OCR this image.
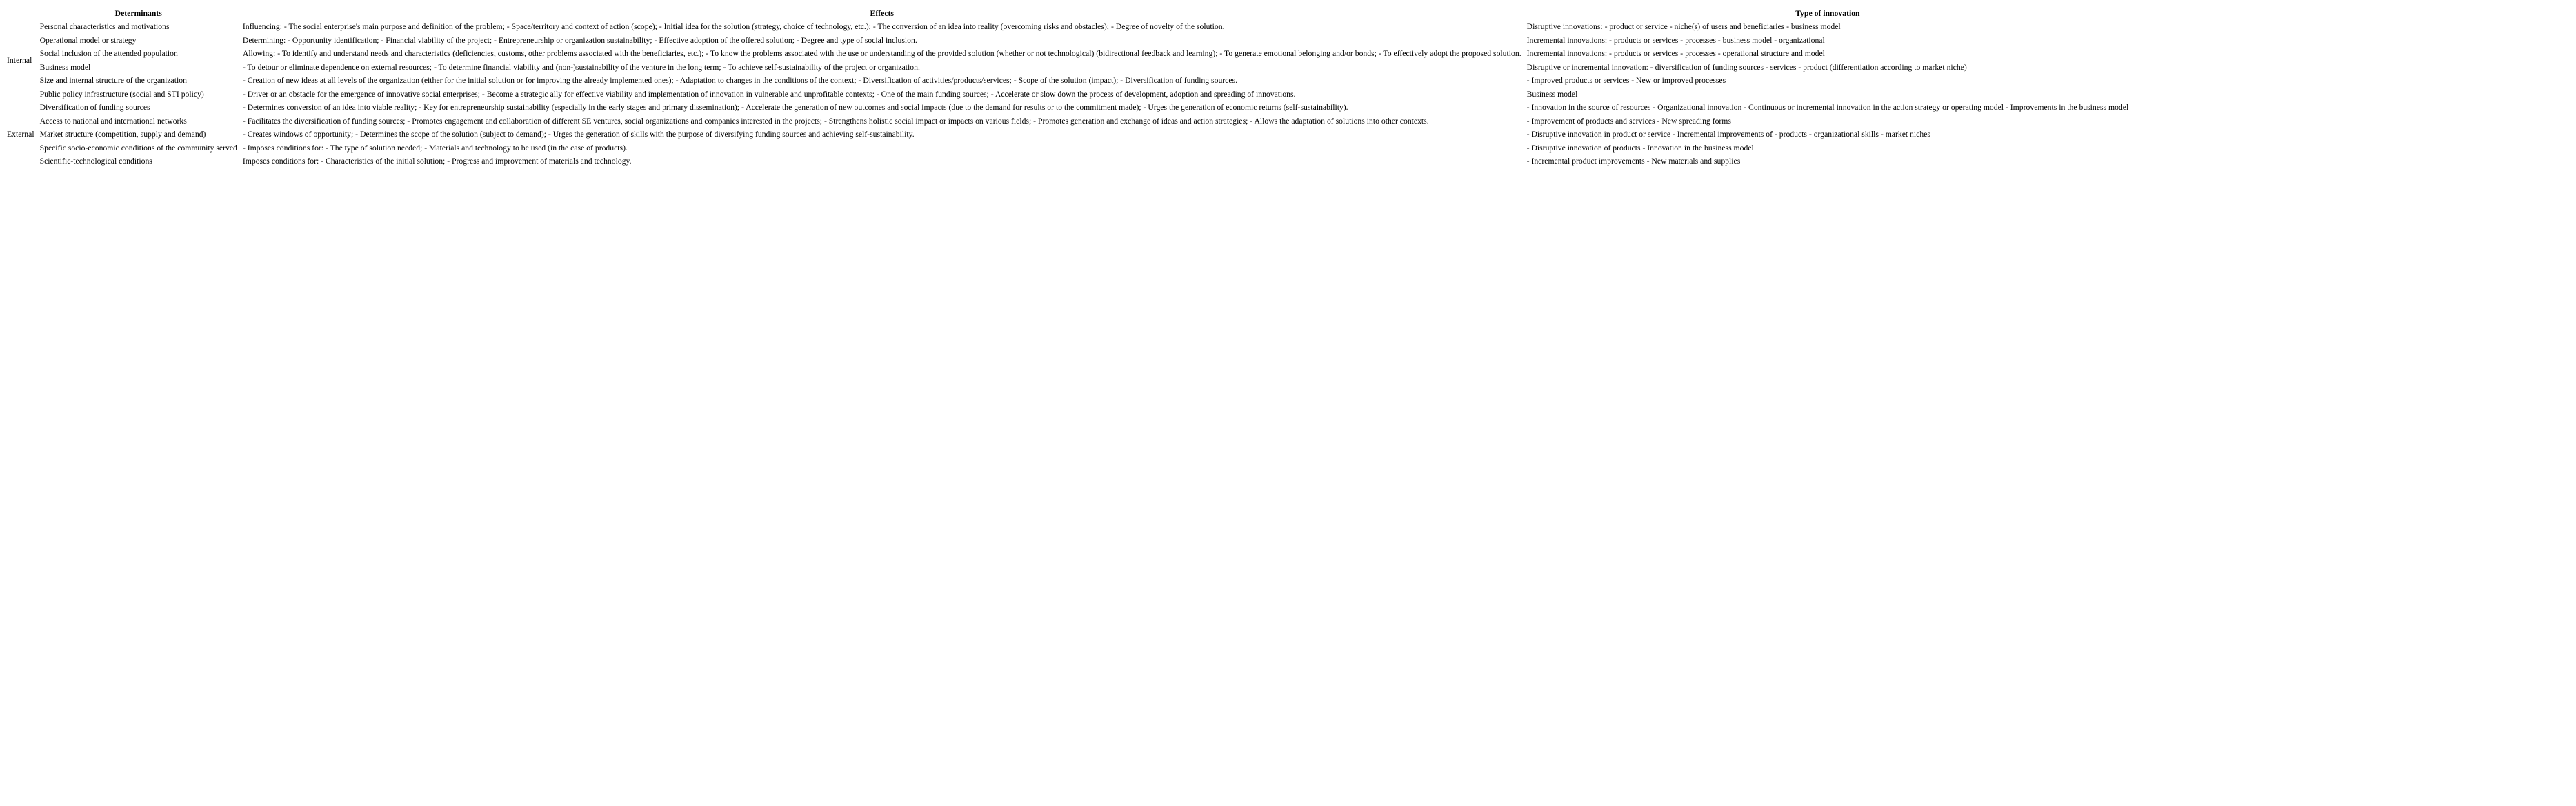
	Determinants	Effects	Type of innovation
Internal	Personal characteristics and motivations	Influencing: - The social enterprise's main purpose and definition of the problem; - Space/territory and context of action (scope); - Initial idea for the solution (strategy, choice of technology, etc.); - The conversion of an idea into reality (overcoming risks and obstacles); - Degree of novelty of the solution.	Disruptive innovations: - product or service - niche(s) of users and beneficiaries - business model
	Operational model or strategy	Determining: - Opportunity identification; - Financial viability of the project; - Entrepreneurship or organization sustainability; - Effective adoption of the offered solution; - Degree and type of social inclusion.	Incremental innovations: - products or services - processes - business model - organizational
	Social inclusion of the attended population	Allowing: - To identify and understand needs and characteristics (deficiencies, customs, other problems associated with the beneficiaries, etc.); - To know the problems associated with the use or understanding of the provided solution (whether or not technological) (bidirectional feedback and learning); - To generate emotional belonging and/or bonds; - To effectively adopt the proposed solution.	Incremental innovations: - products or services - processes - operational structure and model
	Business model	- To detour or eliminate dependence on external resources; - To determine financial viability and (non-)sustainability of the venture in the long term; - To achieve self-sustainability of the project or organization.	Disruptive or incremental innovation: - diversification of funding sources - services - product (differentiation according to market niche)
	Size and internal structure of the organization	- Creation of new ideas at all levels of the organization (either for the initial solution or for improving the already implemented ones); - Adaptation to changes in the conditions of the context; - Diversification of activities/products/services; - Scope of the solution (impact); - Diversification of funding sources.	- Improved products or services - New or improved processes
	Public policy infrastructure (social and STI policy)	- Driver or an obstacle for the emergence of innovative social enterprises; - Become a strategic ally for effective viability and implementation of innovation in vulnerable and unprofitable contexts; - One of the main funding sources; - Accelerate or slow down the process of development, adoption and spreading of innovations.	Business model
External	Diversification of funding sources	- Determines conversion of an idea into viable reality; - Key for entrepreneurship sustainability (especially in the early stages and primary dissemination); - Accelerate the generation of new outcomes and social impacts (due to the demand for results or to the commitment made); - Urges the generation of economic returns (self-sustainability).	- Innovation in the source of resources - Organizational innovation - Continuous or incremental innovation in the action strategy or operating model - Improvements in the business model
	Access to national and international networks	- Facilitates the diversification of funding sources; - Promotes engagement and collaboration of different SE ventures, social organizations and companies interested in the projects; - Strengthens holistic social impact or impacts on various fields; - Promotes generation and exchange of ideas and action strategies; - Allows the adaptation of solutions into other contexts.	- Improvement of products and services - New spreading forms
	Market structure (competition, supply and demand)	- Creates windows of opportunity; - Determines the scope of the solution (subject to demand); - Urges the generation of skills with the purpose of diversifying funding sources and achieving self-sustainability.	- Disruptive innovation in product or service - Incremental improvements of - products - organizational skills - market niches
	Specific socio-economic conditions of the community served	- Imposes conditions for: - The type of solution needed; - Materials and technology to be used (in the case of products).	- Disruptive innovation of products - Innovation in the business model
	Scientific-technological conditions	Imposes conditions for: - Characteristics of the initial solution; - Progress and improvement of materials and technology.	- Incremental product improvements - New materials and supplies
